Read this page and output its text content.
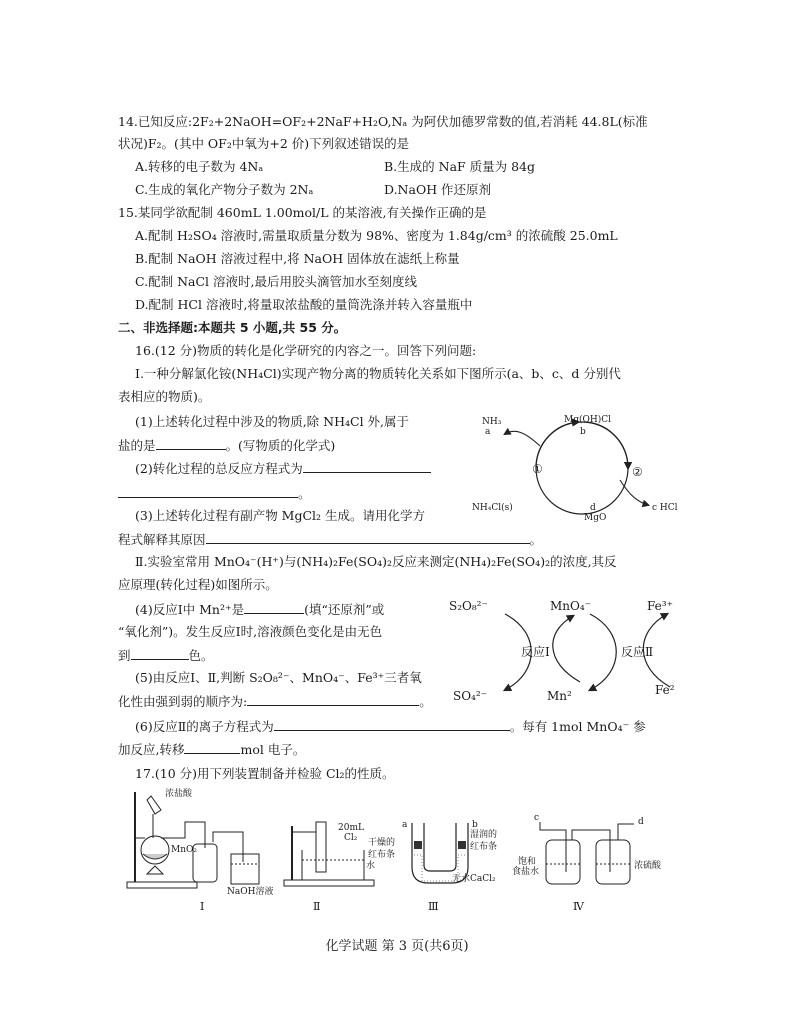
14.已知反应:2F₂+2NaOH=OF₂+2NaF+H₂O,Nₐ 为阿伏加德罗常数的值,若消耗 44.8L(标准
状况)F₂。(其中 OF₂中氧为+2 价)下列叙述错误的是
A.转移的电子数为 4Nₐ	B.生成的 NaF 质量为 84g
C.生成的氧化产物分子数为 2Nₐ	D.NaOH 作还原剂
15.某同学欲配制 460mL 1.00mol/L 的某溶液,有关操作正确的是
A.配制 H₂SO₄ 溶液时,需量取质量分数为 98%、密度为 1.84g/cm³ 的浓硫酸 25.0mL
B.配制 NaOH 溶液过程中,将 NaOH 固体放在滤纸上称量
C.配制 NaCl 溶液时,最后用胶头滴管加水至刻度线
D.配制 HCl 溶液时,将量取浓盐酸的量筒洗涤并转入容量瓶中
二、非选择题:本题共 5 小题,共 55 分。
16.(12 分)物质的转化是化学研究的内容之一。回答下列问题:
Ⅰ.一种分解氯化铵(NH₄Cl)实现产物分离的物质转化关系如下图所示(a、b、c、d 分别代
表相应的物质)。
(1)上述转化过程中涉及的物质,除 NH₄Cl 外,属于
盐的是	。(写物质的化学式)
(2)转化过程的总反应方程式为
。
(3)上述转化过程有副产物 MgCl₂ 生成。请用化学方
程式解释其原因	。
Ⅱ.实验室常用 MnO₄⁻(H⁺)与(NH₄)₂Fe(SO₄)₂反应来测定(NH₄)₂Fe(SO₄)₂的浓度,其反
应原理(转化过程)如图所示。
(4)反应Ⅰ中 Mn²⁺是	(填“还原剂”或
“氧化剂”)。发生反应Ⅰ时,溶液颜色变化是由无色
到	色。
(5)由反应Ⅰ、Ⅱ,判断 S₂O₈²⁻、MnO₄⁻、Fe³⁺三者氧
化性由强到弱的顺序为:	。
(6)反应Ⅱ的离子方程式为	。每有 1mol MnO₄⁻ 参
加反应,转移	mol 电子。
17.(10 分)用下列装置制备并检验 Cl₂的性质。
NH₃
a
Mg(OH)Cl
b
①	②
NH₄Cl(s)	d
MgO
c HCl
S₂O₈²⁻	MnO₄⁻	Fe³⁺
反应Ⅰ	反应Ⅱ
SO₄²⁻	Mn²	Fe²
浓盐酸
MnO₂
NaOH溶液
20mL
Cl₂
水
a	b
干燥的
红布条
湿润的
红布条
无水CaCl₂
c	d
饱和
食盐水
浓硫酸
Ⅰ	Ⅱ	Ⅲ	Ⅳ
化学试题 第 3 页(共6页)
